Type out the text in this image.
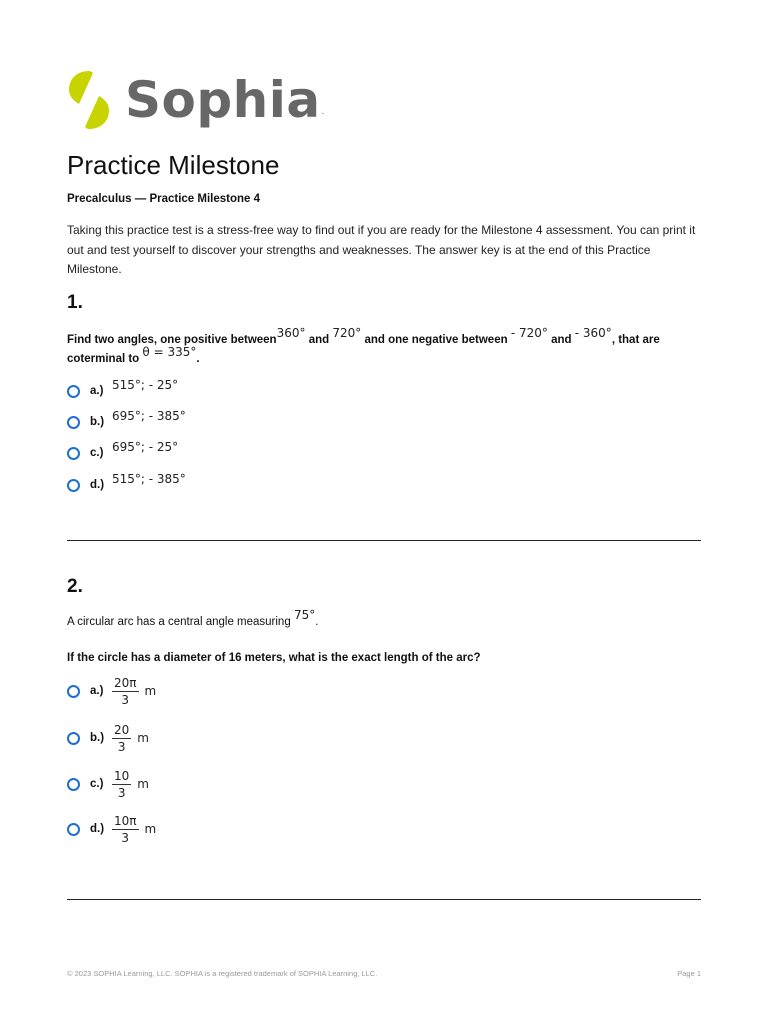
Sophia .
Practice Milestone
Precalculus — Practice Milestone 4
Taking this practice test is a stress-free way to find out if you are ready for the Milestone 4 assessment. You can print it out and test yourself to discover your strengths and weaknesses. The answer key is at the end of this Practice Milestone.
1.
Find two angles, one positive between360° and 720° and one negative between - 720° and - 360°, that are
coterminal to θ = 335°.
a.) 515°; - 25°
b.) 695°; - 385°
c.) 695°; - 25°
d.) 515°; - 385°
2.
A circular arc has a central angle measuring 75°.
If the circle has a diameter of 16 meters, what is the exact length of the arc?
$a.) \frac{20\pi}{3}$ m
$b.) \frac{20}{3}$ m
$c.) \frac{10}{3}$ m
$d.) \frac{10\pi}{3}$ m
© 2023 SOPHIA Learning, LLC. SOPHIA is a registered trademark of SOPHIA Learning, LLC.	Page 1
